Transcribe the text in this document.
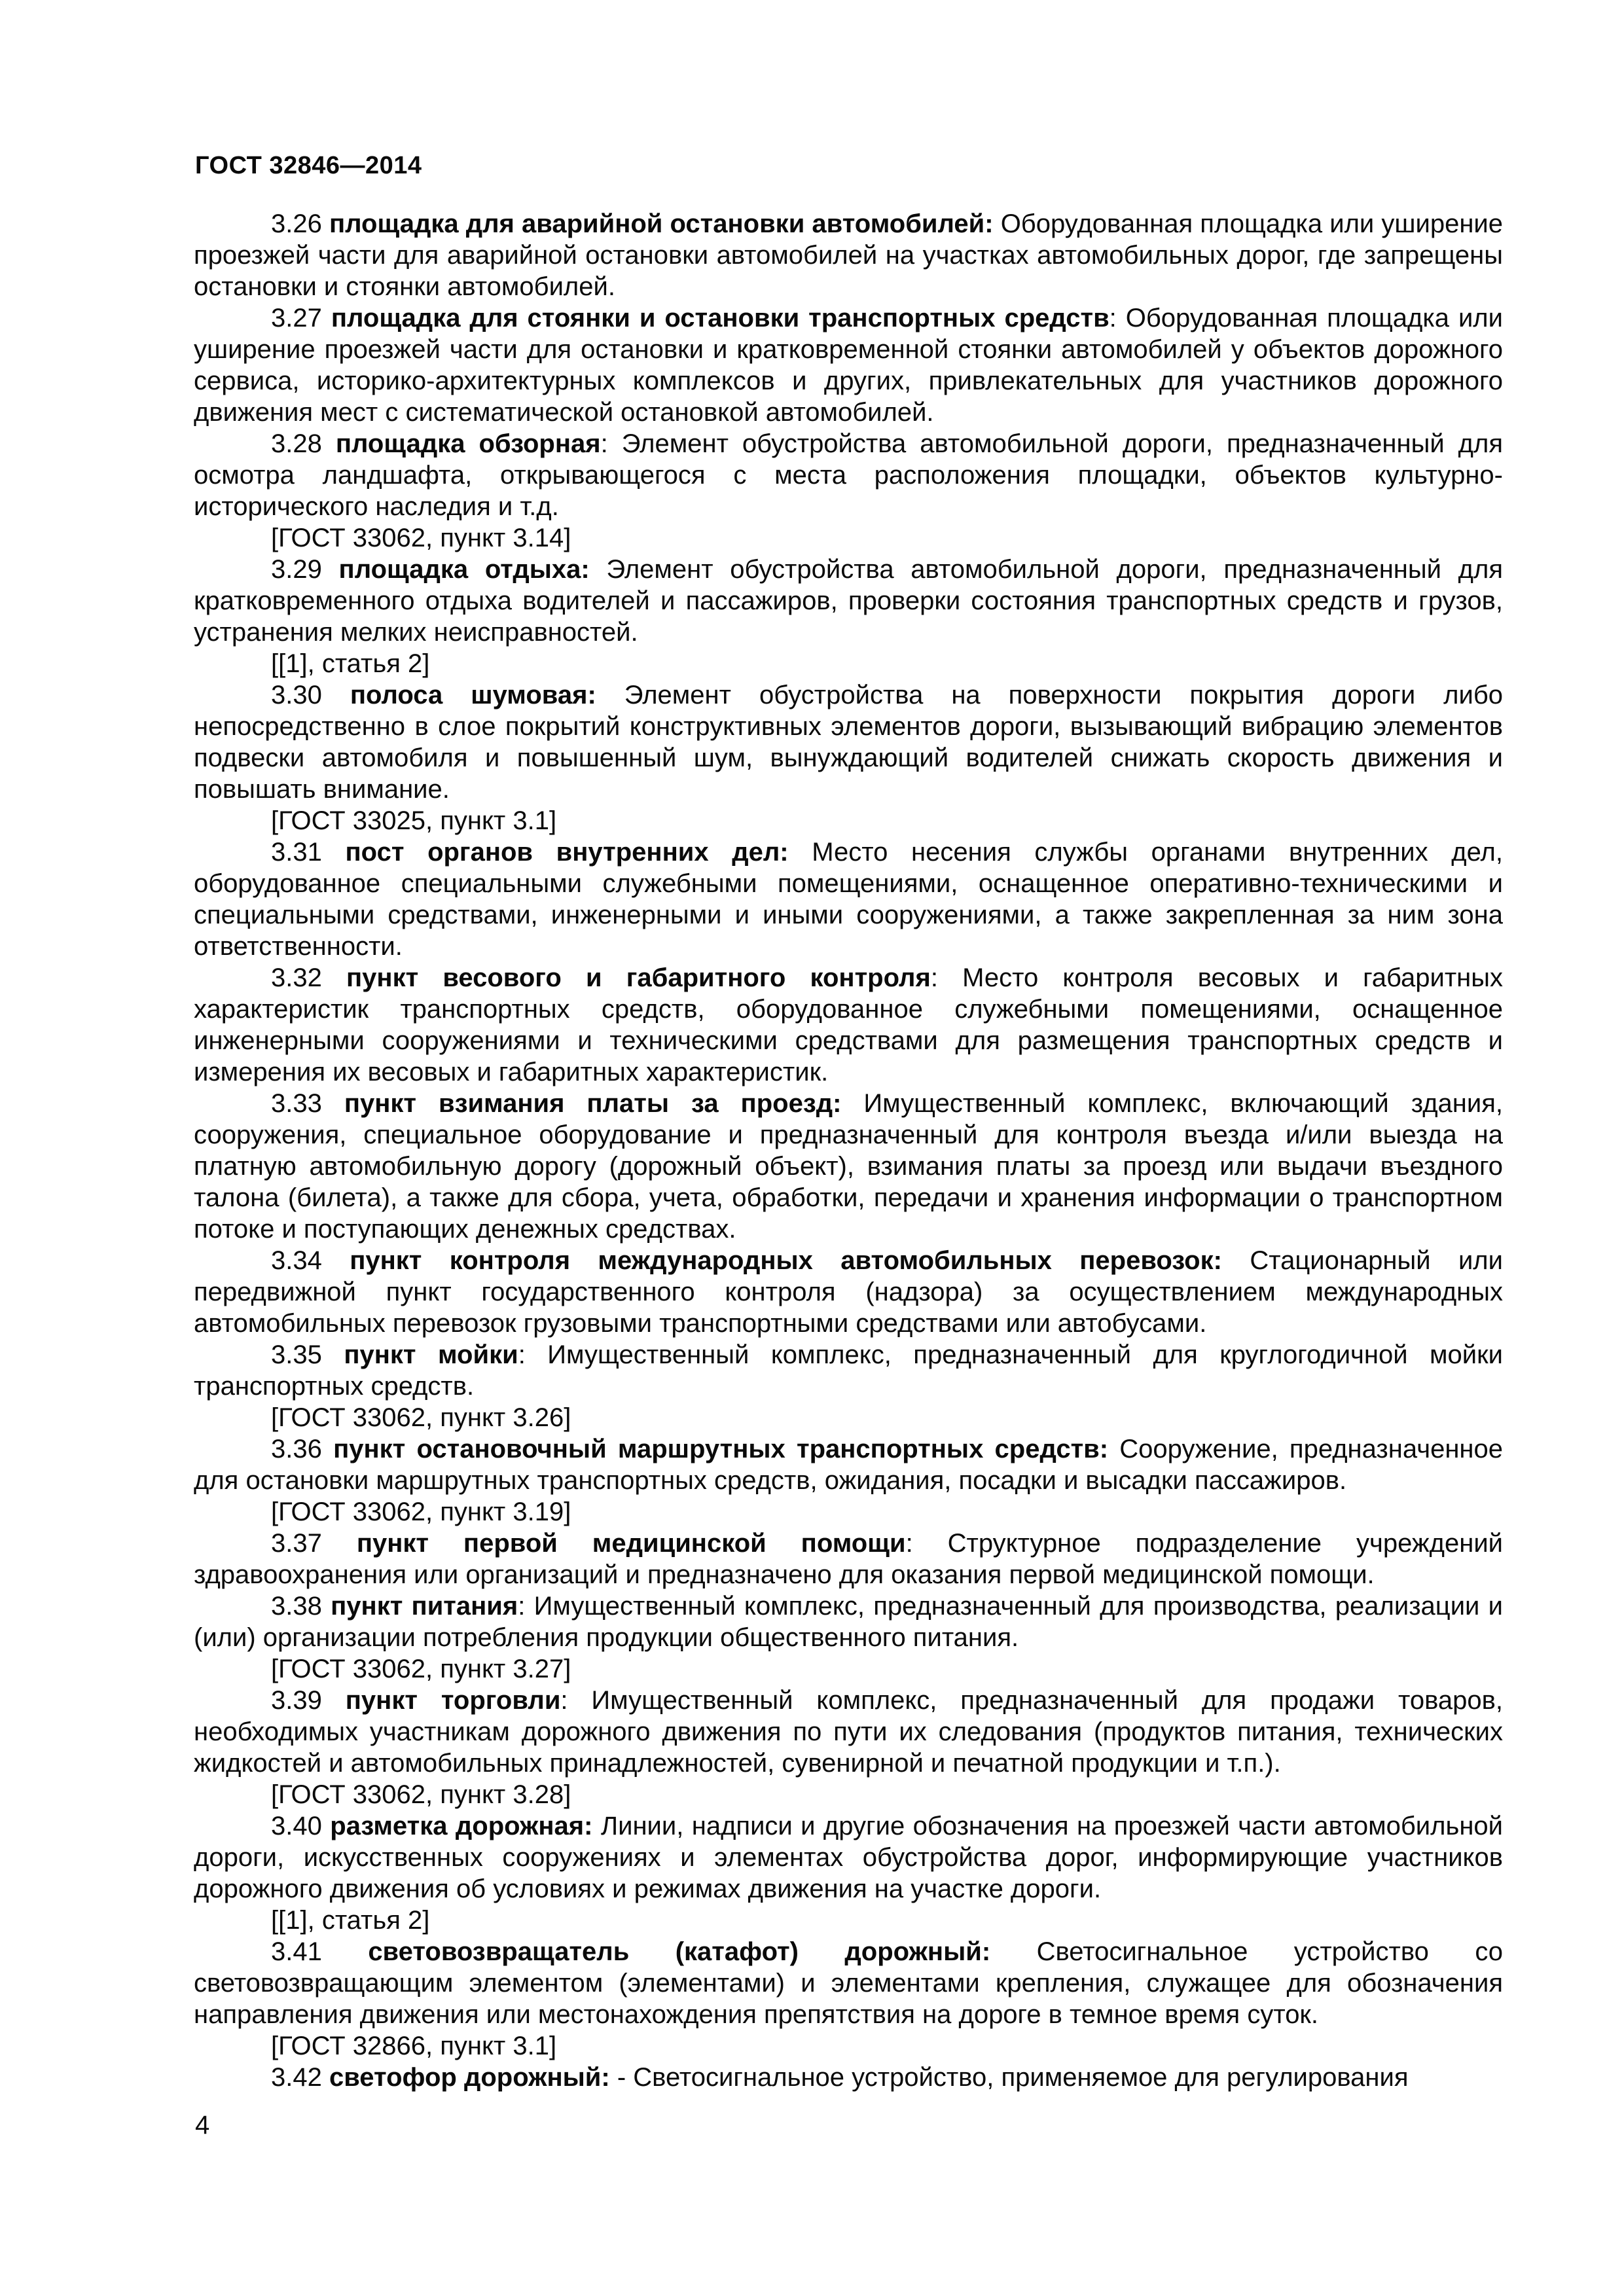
ГОСТ 32846—2014

3.26 площадка для аварийной остановки автомобилей: Оборудованная площадка или уширение проезжей части для аварийной остановки автомобилей на участках автомобильных дорог, где запрещены остановки и стоянки автомобилей.

3.27 площадка для стоянки и остановки транспортных средств: Оборудованная площадка или уширение проезжей части для остановки и кратковременной стоянки автомобилей у объектов дорожного сервиса, историко-архитектурных комплексов и других, привлекательных для участников дорожного движения мест с систематической остановкой автомобилей.

3.28 площадка обзорная: Элемент обустройства автомобильной дороги, предназначенный для осмотра ландшафта, открывающегося с места расположения площадки, объектов культурно-исторического наследия и т.д.

[ГОСТ 33062, пункт 3.14]

3.29 площадка отдыха: Элемент обустройства автомобильной дороги, предназначенный для кратковременного отдыха водителей и пассажиров, проверки состояния транспортных средств и грузов, устранения мелких неисправностей.

[[1], статья 2]

3.30 полоса шумовая: Элемент обустройства на поверхности покрытия дороги либо непосредственно в слое покрытий конструктивных элементов дороги, вызывающий вибрацию элементов подвески автомобиля и повышенный шум, вынуждающий водителей снижать скорость движения и повышать внимание.

[ГОСТ 33025, пункт 3.1]

3.31 пост органов внутренних дел: Место несения службы органами внутренних дел, оборудованное специальными служебными помещениями, оснащенное оперативно-техническими и специальными средствами, инженерными и иными сооружениями, а также закрепленная за ним зона ответственности.

3.32 пункт весового и габаритного контроля: Место контроля весовых и габаритных характеристик транспортных средств, оборудованное служебными помещениями, оснащенное инженерными сооружениями и техническими средствами для размещения транспортных средств и измерения их весовых и габаритных характеристик.

3.33 пункт взимания платы за проезд: Имущественный комплекс, включающий здания, сооружения, специальное оборудование и предназначенный для контроля въезда и/или выезда на платную автомобильную дорогу (дорожный объект), взимания платы за проезд или выдачи въездного талона (билета), а также для сбора, учета, обработки, передачи и хранения информации о транспортном потоке и поступающих денежных средствах.

3.34 пункт контроля международных автомобильных перевозок: Стационарный или передвижной пункт государственного контроля (надзора) за осуществлением международных автомобильных перевозок грузовыми транспортными средствами или автобусами.

3.35 пункт мойки: Имущественный комплекс, предназначенный для круглогодичной мойки транспортных средств.

[ГОСТ 33062, пункт 3.26]

3.36 пункт остановочный маршрутных транспортных средств: Сооружение, предназначенное для остановки маршрутных транспортных средств, ожидания, посадки и высадки пассажиров.

[ГОСТ 33062, пункт 3.19]

3.37 пункт первой медицинской помощи: Структурное подразделение учреждений здравоохранения или организаций и предназначено для оказания первой медицинской помощи.

3.38 пункт питания: Имущественный комплекс, предназначенный для производства, реализации и (или) организации потребления продукции общественного питания.

[ГОСТ 33062, пункт 3.27]

3.39 пункт торговли: Имущественный комплекс, предназначенный для продажи товаров, необходимых участникам дорожного движения по пути их следования (продуктов питания, технических жидкостей и автомобильных принадлежностей, сувенирной и печатной продукции и т.п.).

[ГОСТ 33062, пункт 3.28]

3.40 разметка дорожная: Линии, надписи и другие обозначения на проезжей части автомобильной дороги, искусственных сооружениях и элементах обустройства дорог, информирующие участников дорожного движения об условиях и режимах движения на участке дороги.

[[1], статья 2]

3.41 световозвращатель (катафот) дорожный: Светосигнальное устройство со световозвращающим элементом (элементами) и элементами крепления, служащее для обозначения направления движения или местонахождения препятствия на дороге в темное время суток.

[ГОСТ 32866, пункт 3.1]

3.42 светофор дорожный: - Светосигнальное устройство, применяемое для регулирования

4
